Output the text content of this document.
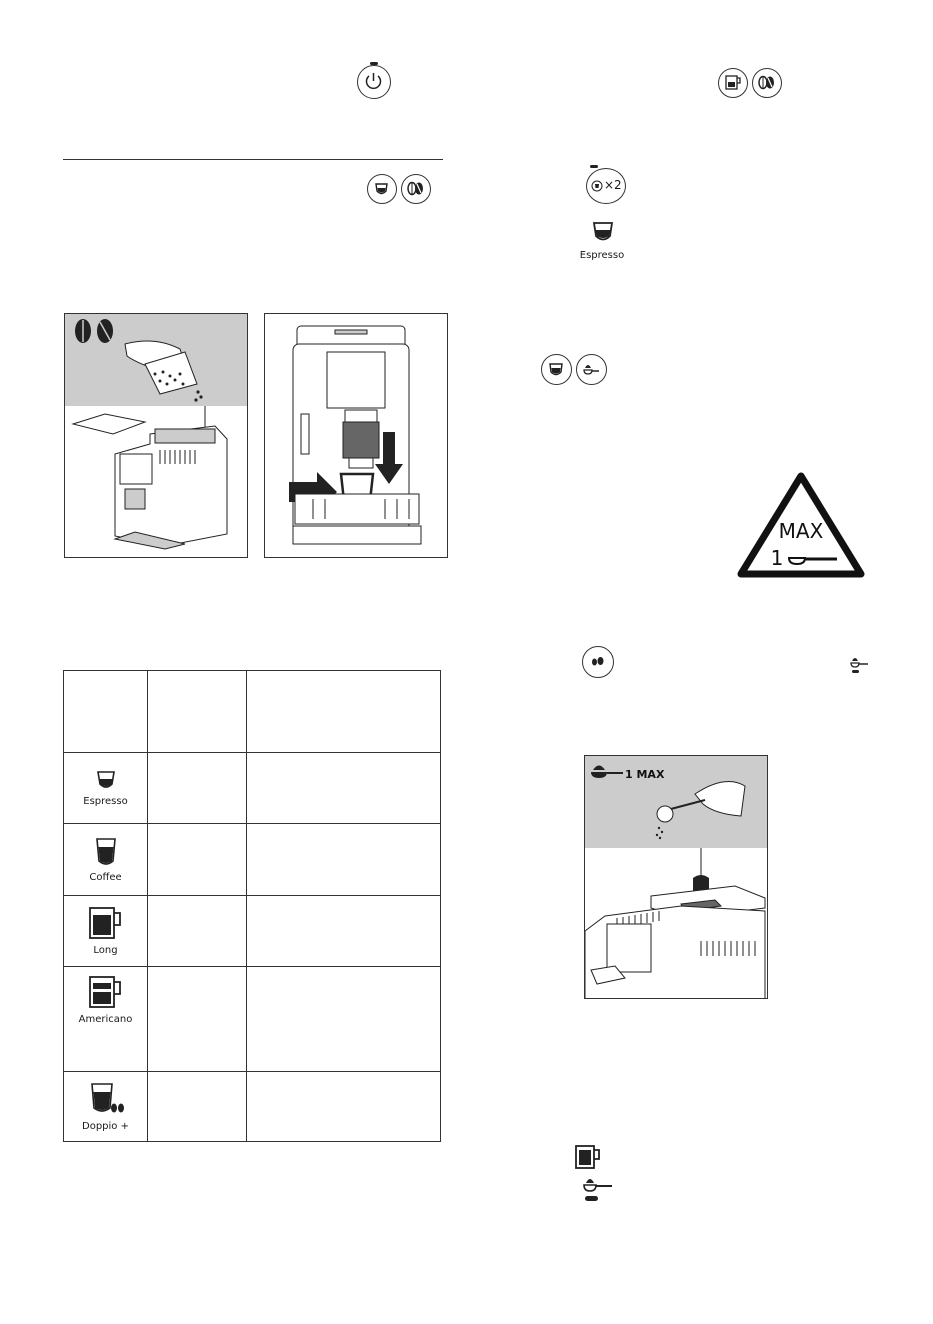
Espresso		

Coffee		

Long		

Americano		

Doppio +		

×2
Espresso
MAX
1
1 MAX
